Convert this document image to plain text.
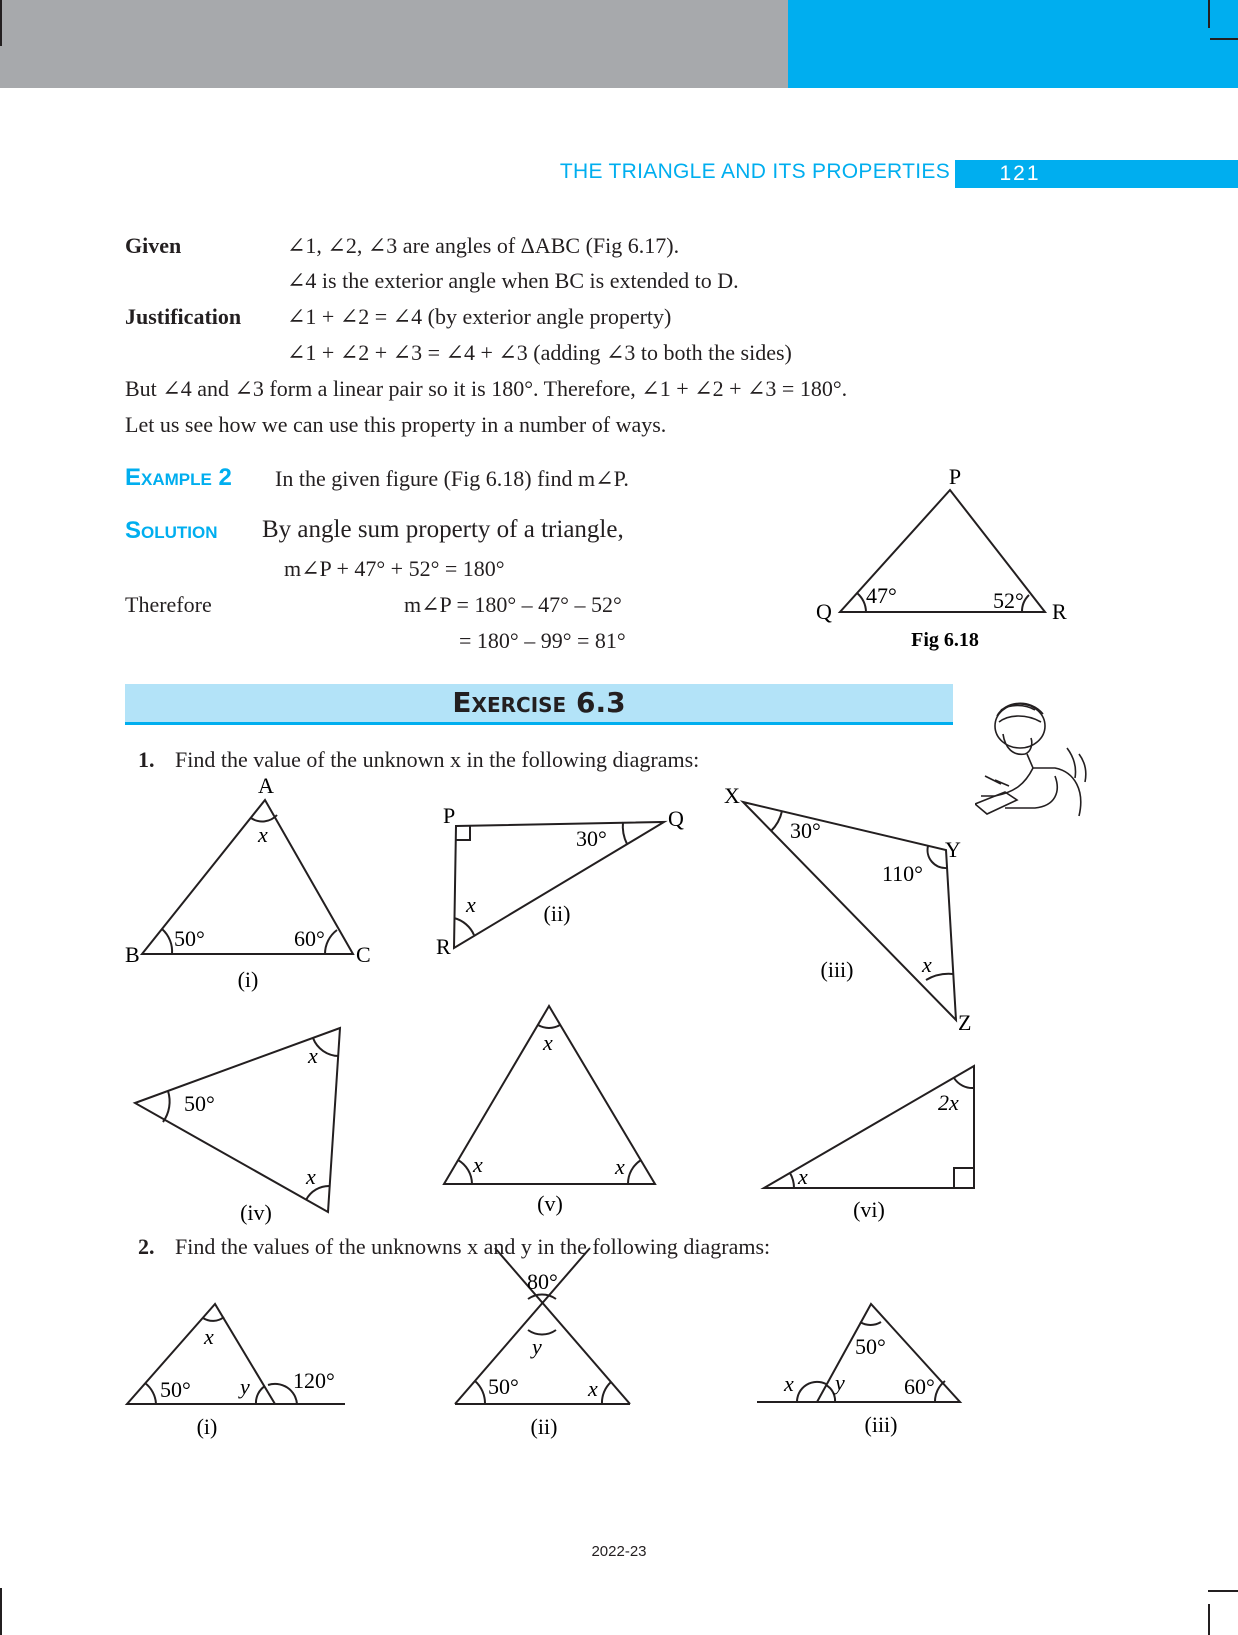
THE TRIANGLE AND ITS PROPERTIES	121
Given	∠1, ∠2, ∠3 are angles of ΔABC (Fig 6.17).
∠4 is the exterior angle when BC is extended to D.
Justification ∠1 + ∠2 = ∠4 (by exterior angle property)
∠1 + ∠2 + ∠3 = ∠4 + ∠3 (adding ∠3 to both the sides)
But ∠4 and ∠3 form a linear pair so it is 180°. Therefore, ∠1 + ∠2 + ∠3 = 180°.
Let us see how we can use this property in a number of ways.
Example 2 In the given figure (Fig 6.18) find m∠P.
Solution By angle sum property of a triangle,
m∠P + 47° + 52° = 180°
Therefore	m∠P = 180° – 47° – 52°
= 180° – 99° = 81°
P
Q	R
47°	52°
Fig 6.18
Exercise 6.3
1. Find the value of the unknown x in the following diagrams:
A
B	C
x
50°	60°
(i)
P	Q
R
30°
x	(ii)
X
Y
Z
30°
110°
x
(iii)
50°
x
x
(iv)
x
x	x
(v)
x
2x
(vi)
x
50° y 120°
(i)
80°
y
50°	x
(ii)
50°
x y	60°
(iii)
2. Find the values of the unknowns x and y in the following diagrams:
2022-23
